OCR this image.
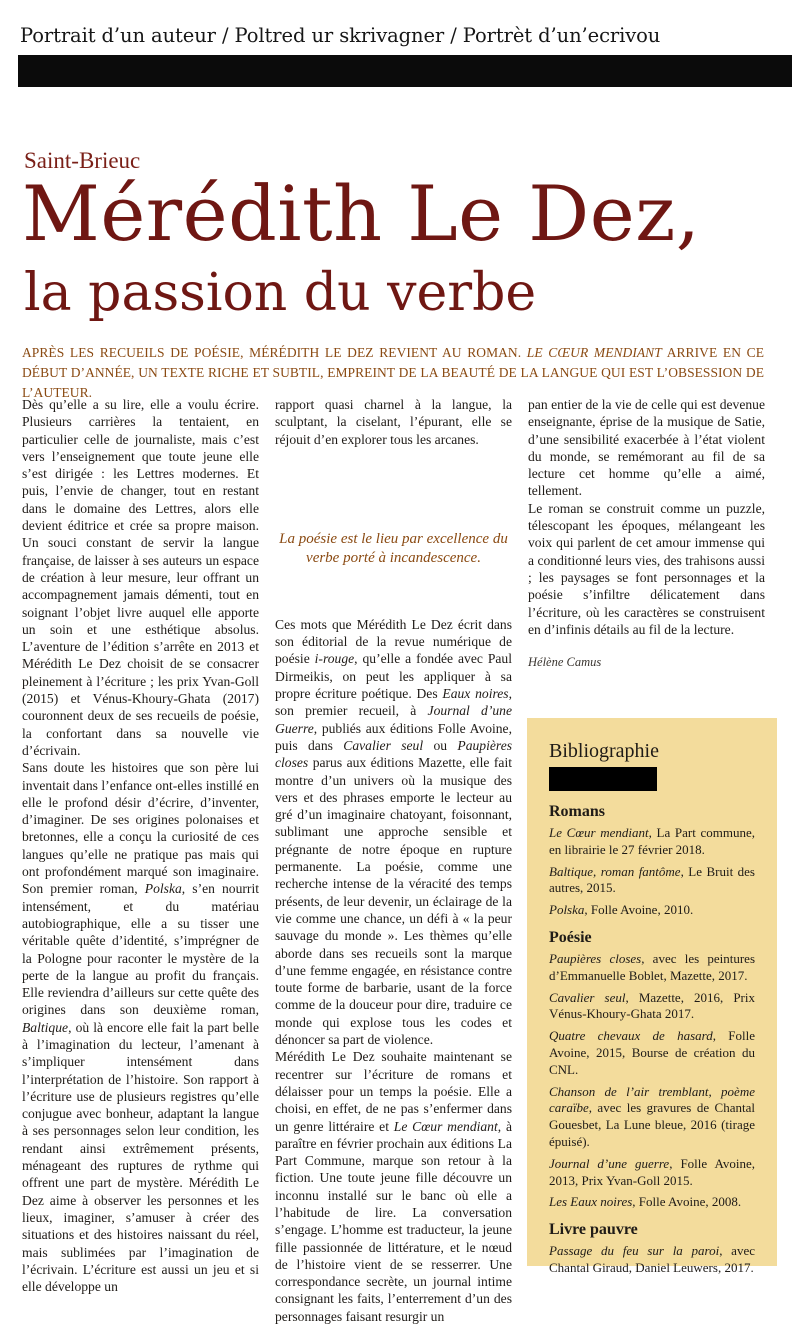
Portrait d’un auteur / Poltred ur skrivagner / Portrèt d’un’ecrivou
Saint-Brieuc
Mérédith Le Dez,
la passion du verbe
APRÈS LES RECUEILS DE POÉSIE, MÉRÉDITH LE DEZ REVIENT AU ROMAN. LE CŒUR MENDIANT ARRIVE EN CE DÉBUT D’ANNÉE, UN TEXTE RICHE ET SUBTIL, EMPREINT DE LA BEAUTÉ DE LA LANGUE QUI EST L’OBSESSION DE L’AUTEUR.

Dès qu’elle a su lire, elle a voulu écrire. Plusieurs carrières la tentaient, en particulier celle de journaliste, mais c’est vers l’enseignement que toute jeune elle s’est dirigée : les Lettres modernes. Et puis, l’envie de changer, tout en restant dans le domaine des Lettres, alors elle devient éditrice et crée sa propre maison. Un souci constant de servir la langue française, de laisser à ses auteurs un espace de création à leur mesure, leur offrant un accompagnement jamais démenti, tout en soignant l’objet livre auquel elle apporte un soin et une esthétique absolus. L’aventure de l’édition s’arrête en 2013 et Mérédith Le Dez choisit de se consacrer pleinement à l’écriture ; les prix Yvan-Goll (2015) et Vénus-Khoury-Ghata (2017) couronnent deux de ses recueils de poésie, la confortant dans sa nouvelle vie d’écrivain.

Sans doute les histoires que son père lui inventait dans l’enfance ont-elles instillé en elle le profond désir d’écrire, d’inventer, d’imaginer. De ses origines polonaises et bretonnes, elle a conçu la curiosité de ces langues qu’elle ne pratique pas mais qui ont profondément marqué son imaginaire. Son premier roman, Polska, s’en nourrit intensément, et du matériau autobiographique, elle a su tisser une véritable quête d’identité, s’imprégner de la Pologne pour raconter le mystère de la perte de la langue au profit du français. Elle reviendra d’ailleurs sur cette quête des origines dans son deuxième roman, Baltique, où là encore elle fait la part belle à l’imagination du lecteur, l’amenant à s’impliquer intensément dans l’interprétation de l’histoire. Son rapport à l’écriture use de plusieurs registres qu’elle conjugue avec bonheur, adaptant la langue à ses personnages selon leur condition, les rendant ainsi extrêmement présents, ménageant des ruptures de rythme qui offrent une part de mystère. Mérédith Le Dez aime à observer les personnes et les lieux, imaginer, s’amuser à créer des situations et des histoires naissant du réel, mais sublimées par l’imagination de l’écrivain. L’écriture est aussi un jeu et si elle développe un

rapport quasi charnel à la langue, la sculptant, la ciselant, l’épurant, elle se réjouit d’en explorer tous les arcanes.

La poésie est le lieu par excellence du verbe porté à incandescence.

Ces mots que Mérédith Le Dez écrit dans son éditorial de la revue numérique de poésie i-rouge, qu’elle a fondée avec Paul Dirmeikis, on peut les appliquer à sa propre écriture poétique. Des Eaux noires, son premier recueil, à Journal d’une Guerre, publiés aux éditions Folle Avoine, puis dans Cavalier seul ou Paupières closes parus aux éditions Mazette, elle fait montre d’un univers où la musique des vers et des phrases emporte le lecteur au gré d’un imaginaire chatoyant, foisonnant, sublimant une approche sensible et prégnante de notre époque en rupture permanente. La poésie, comme une recherche intense de la véracité des temps présents, de leur devenir, un éclairage de la vie comme une chance, un défi à « la peur sauvage du monde ». Les thèmes qu’elle aborde dans ses recueils sont la marque d’une femme engagée, en résistance contre toute forme de barbarie, usant de la force comme de la douceur pour dire, traduire ce monde qui explose tous les codes et dénoncer sa part de violence.

Mérédith Le Dez souhaite maintenant se recentrer sur l’écriture de romans et délaisser pour un temps la poésie. Elle a choisi, en effet, de ne pas s’enfermer dans un genre littéraire et Le Cœur mendiant, à paraître en février prochain aux éditions La Part Commune, marque son retour à la fiction. Une toute jeune fille découvre un inconnu installé sur le banc où elle a l’habitude de lire. La conversation s’engage. L’homme est traducteur, la jeune fille passionnée de littérature, et le nœud de l’histoire vient de se resserrer. Une correspondance secrète, un journal intime consignant les faits, l’enterrement d’un des personnages faisant resurgir un

pan entier de la vie de celle qui est devenue enseignante, éprise de la musique de Satie, d’une sensibilité exacerbée à l’état violent du monde, se remémorant au fil de sa lecture cet homme qu’elle a aimé, tellement.

Le roman se construit comme un puzzle, télescopant les époques, mélangeant les voix qui parlent de cet amour immense qui a conditionné leurs vies, des trahisons aussi ; les paysages se font personnages et la poésie s’infiltre délicatement dans l’écriture, où les caractères se construisent en d’infinis détails au fil de la lecture.

Hélène Camus
Bibliographie
Romans
Le Cœur mendiant, La Part commune, en librairie le 27 février 2018.
Baltique, roman fantôme, Le Bruit des autres, 2015.
Polska, Folle Avoine, 2010.
Poésie
Paupières closes, avec les peintures d’Emmanuelle Boblet, Mazette, 2017.
Cavalier seul, Mazette, 2016, Prix Vénus-Khoury-Ghata 2017.
Quatre chevaux de hasard, Folle Avoine, 2015, Bourse de création du CNL.
Chanson de l’air tremblant, poème caraïbe, avec les gravures de Chantal Gouesbet, La Lune bleue, 2016 (tirage épuisé).
Journal d’une guerre, Folle Avoine, 2013, Prix Yvan-Goll 2015.
Les Eaux noires, Folle Avoine, 2008.
Livre pauvre
Passage du feu sur la paroi, avec Chantal Giraud, Daniel Leuwers, 2017.
